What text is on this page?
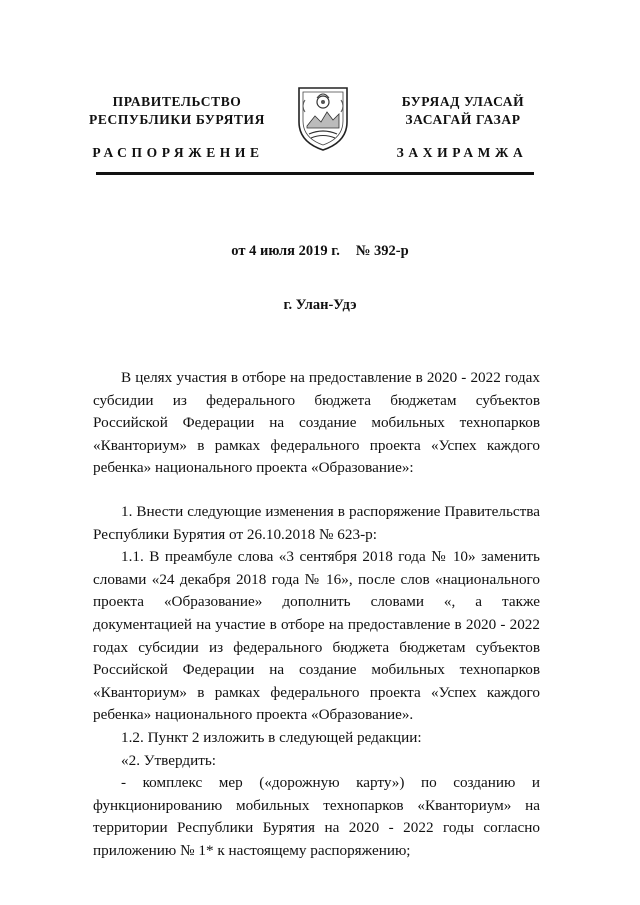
ПРАВИТЕЛЬСТВО
РЕСПУБЛИКИ БУРЯТИЯ
БУРЯАД УЛАСАЙ
ЗАСАГАЙ ГАЗАР
РАСПОРЯЖЕНИЕ	ЗАХИРАМЖА
от 4 июля 2019 г. № 392-р
г. Улан-Удэ

В целях участия в отборе на предоставление в 2020 - 2022 годах субсидии из федерального бюджета бюджетам субъектов Российской Федерации на создание мобильных технопарков «Кванториум» в рамках федерального проекта «Успех каждого ребенка» национального проекта «Образование»:

1. Внести следующие изменения в распоряжение Правительства Республики Бурятия от 26.10.2018 № 623-р:

1.1. В преамбуле слова «3 сентября 2018 года № 10» заменить словами «24 декабря 2018 года № 16», после слов «национального проекта «Образование» дополнить словами «, а также документацией на участие в отборе на предоставление в 2020 - 2022 годах субсидии из федерального бюджета бюджетам субъектов Российской Федерации на создание мобильных технопарков «Кванториум» в рамках федерального проекта «Успех каждого ребенка» национального проекта «Образование».

1.2. Пункт 2 изложить в следующей редакции:

«2. Утвердить:

- комплекс мер («дорожную карту») по созданию и функционированию мобильных технопарков «Кванториум» на территории Республики Бурятия на 2020 - 2022 годы согласно приложению № 1* к настоящему распоряжению;
